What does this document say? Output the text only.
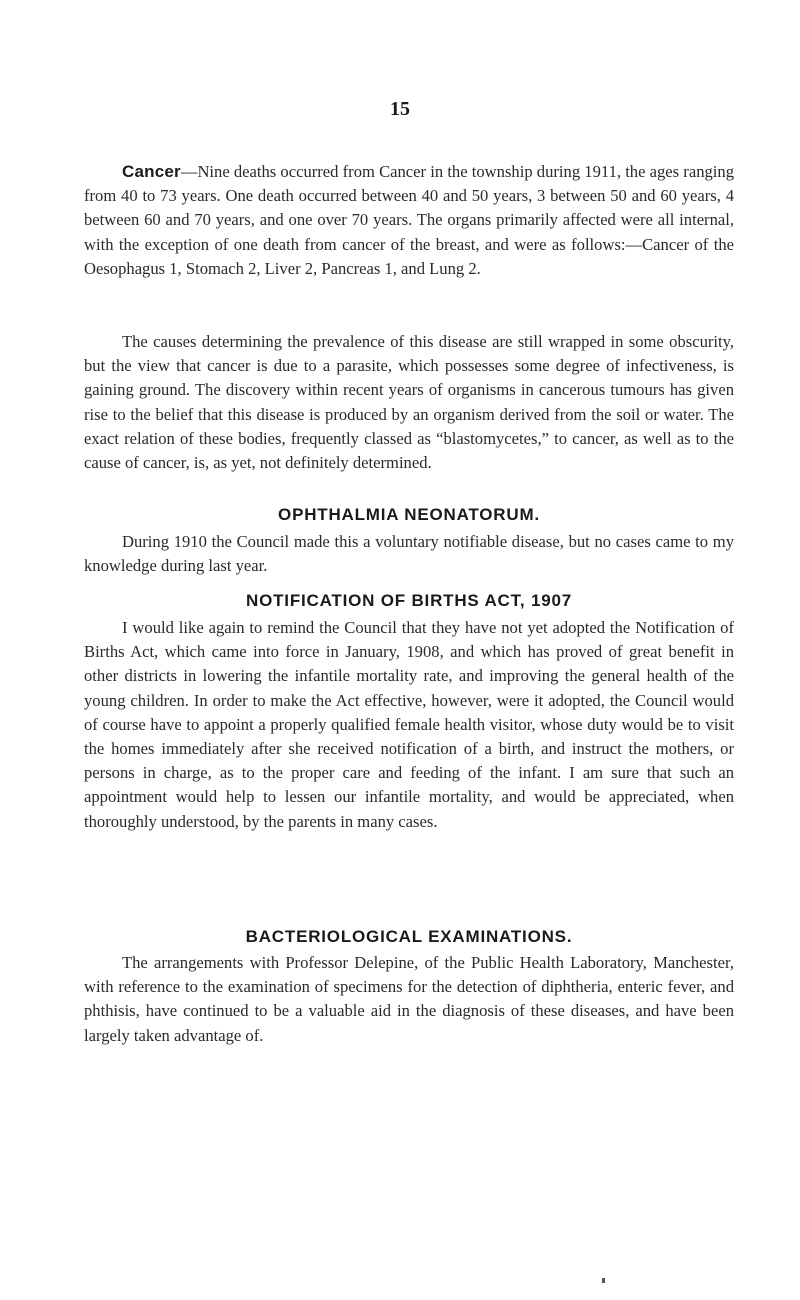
15

Cancer—Nine deaths occurred from Cancer in the township during 1911, the ages ranging from 40 to 73 years. One death occurred between 40 and 50 years, 3 between 50 and 60 years, 4 between 60 and 70 years, and one over 70 years. The organs primarily affected were all internal, with the exception of one death from cancer of the breast, and were as follows:—Cancer of the Oesophagus 1, Stomach 2, Liver 2, Pancreas 1, and Lung 2.

The causes determining the prevalence of this disease are still wrapped in some obscurity, but the view that cancer is due to a parasite, which possesses some degree of infectiveness, is gaining ground. The discovery within recent years of organisms in cancerous tumours has given rise to the belief that this disease is produced by an organism derived from the soil or water. The exact relation of these bodies, frequently classed as “blastomycetes,” to cancer, as well as to the cause of cancer, is, as yet, not definitely determined.

OPHTHALMIA NEONATORUM.

During 1910 the Council made this a voluntary notifiable disease, but no cases came to my knowledge during last year.

NOTIFICATION OF BIRTHS ACT, 1907

I would like again to remind the Council that they have not yet adopted the Notification of Births Act, which came into force in January, 1908, and which has proved of great benefit in other districts in lowering the infantile mortality rate, and improving the general health of the young children. In order to make the Act effective, however, were it adopted, the Council would of course have to appoint a properly qualified female health visitor, whose duty would be to visit the homes immediately after she received notification of a birth, and instruct the mothers, or persons in charge, as to the proper care and feeding of the infant. I am sure that such an appointment would help to lessen our infantile mortality, and would be appreciated, when thoroughly understood, by the parents in many cases.

BACTERIOLOGICAL EXAMINATIONS.

The arrangements with Professor Delepine, of the Public Health Laboratory, Manchester, with reference to the examination of specimens for the detection of diphtheria, enteric fever, and phthisis, have continued to be a valuable aid in the diagnosis of these diseases, and have been largely taken advantage of.
